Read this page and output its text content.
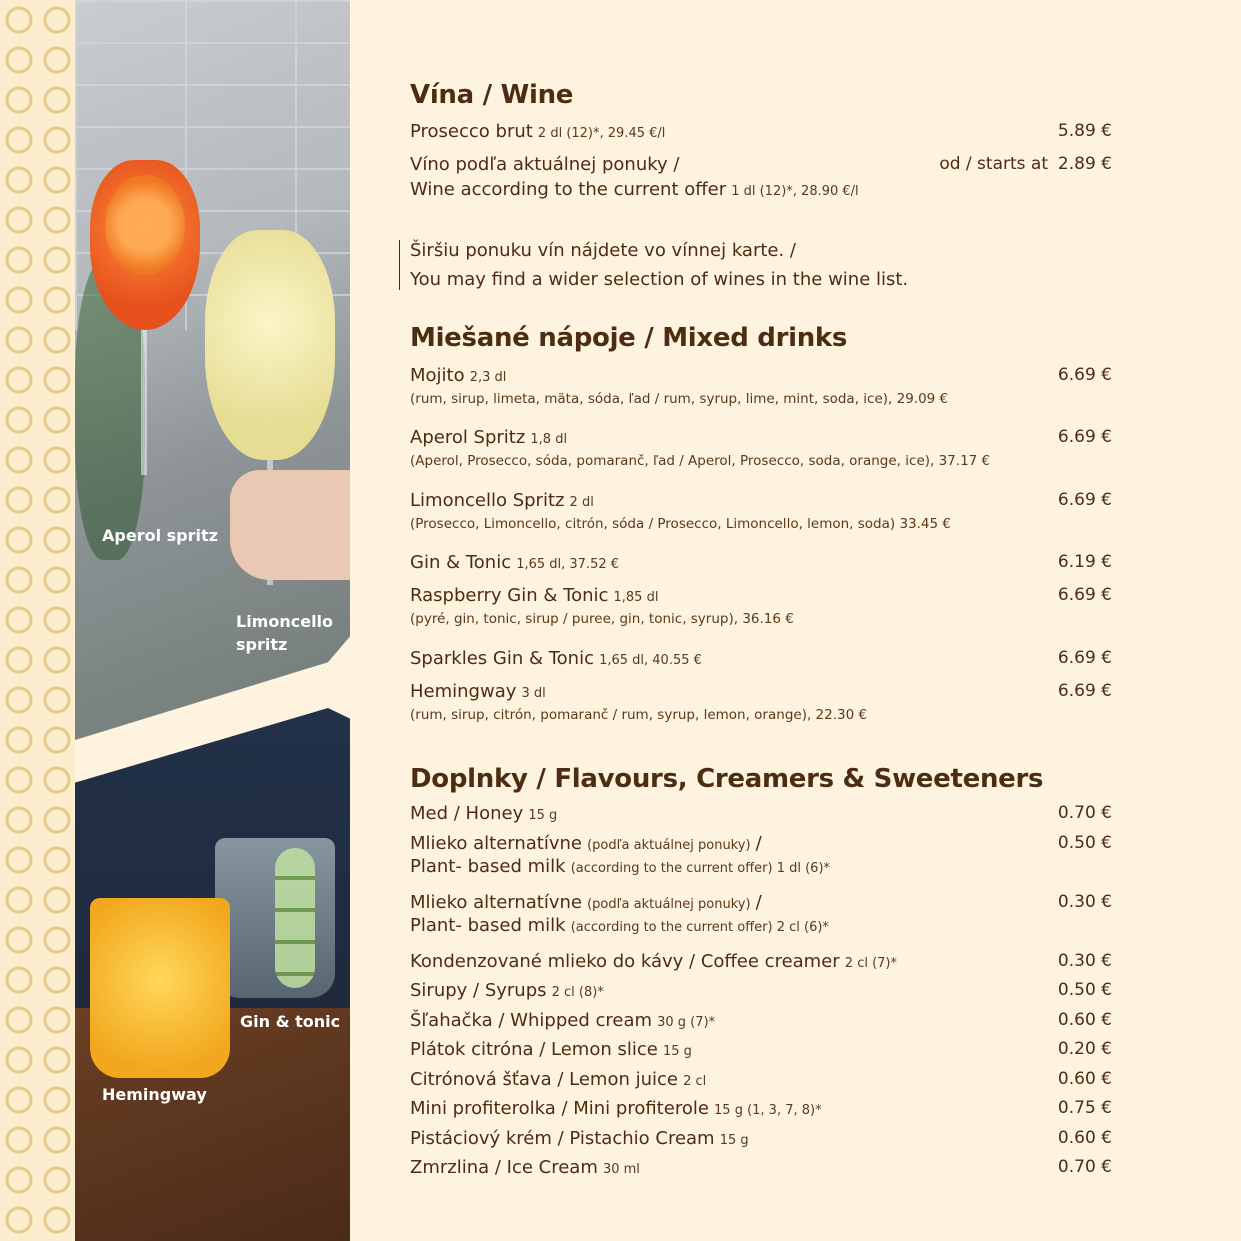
Aperol spritz
Limoncello
spritz
Gin & tonic
Hemingway
Vína / Wine
Prosecco brut 2 dl (12)*, 29.45 €/l	5.89 €
Víno podľa aktuálnej ponuky /	od / starts at 2.89 €
Wine according to the current offer 1 dl (12)*, 28.90 €/l
Širšiu ponuku vín nájdete vo vínnej karte. /
You may find a wider selection of wines in the wine list.
Miešané nápoje / Mixed drinks
Mojito 2,3 dl	6.69 €
(rum, sirup, limeta, mäta, sóda, ľad / rum, syrup, lime, mint, soda, ice), 29.09 €
Aperol Spritz 1,8 dl	6.69 €
(Aperol, Prosecco, sóda, pomaranč, ľad / Aperol, Prosecco, soda, orange, ice), 37.17 €
Limoncello Spritz 2 dl	6.69 €
(Prosecco, Limoncello, citrón, sóda / Prosecco, Limoncello, lemon, soda) 33.45 €
Gin & Tonic 1,65 dl, 37.52 €	6.19 €
Raspberry Gin & Tonic 1,85 dl	6.69 €
(pyré, gin, tonic, sirup / puree, gin, tonic, syrup), 36.16 €
Sparkles Gin & Tonic 1,65 dl, 40.55 €	6.69 €
Hemingway 3 dl	6.69 €
(rum, sirup, citrón, pomaranč / rum, syrup, lemon, orange), 22.30 €
Doplnky / Flavours, Creamers & Sweeteners
Med / Honey 15 g	0.70 €
Mlieko alternatívne (podľa aktuálnej ponuky) /	0.50 €
Plant- based milk (according to the current offer) 1 dl (6)*
Mlieko alternatívne (podľa aktuálnej ponuky) /	0.30 €
Plant- based milk (according to the current offer) 2 cl (6)*
Kondenzované mlieko do kávy / Coffee creamer 2 cl (7)*	0.30 €
Sirupy / Syrups 2 cl (8)*	0.50 €
Šľahačka / Whipped cream 30 g (7)*	0.60 €
Plátok citróna / Lemon slice 15 g	0.20 €
Citrónová šťava / Lemon juice 2 cl	0.60 €
Mini profiterolka / Mini profiterole 15 g (1, 3, 7, 8)*	0.75 €
Pistáciový krém / Pistachio Cream 15 g	0.60 €
Zmrzlina / Ice Cream 30 ml	0.70 €
